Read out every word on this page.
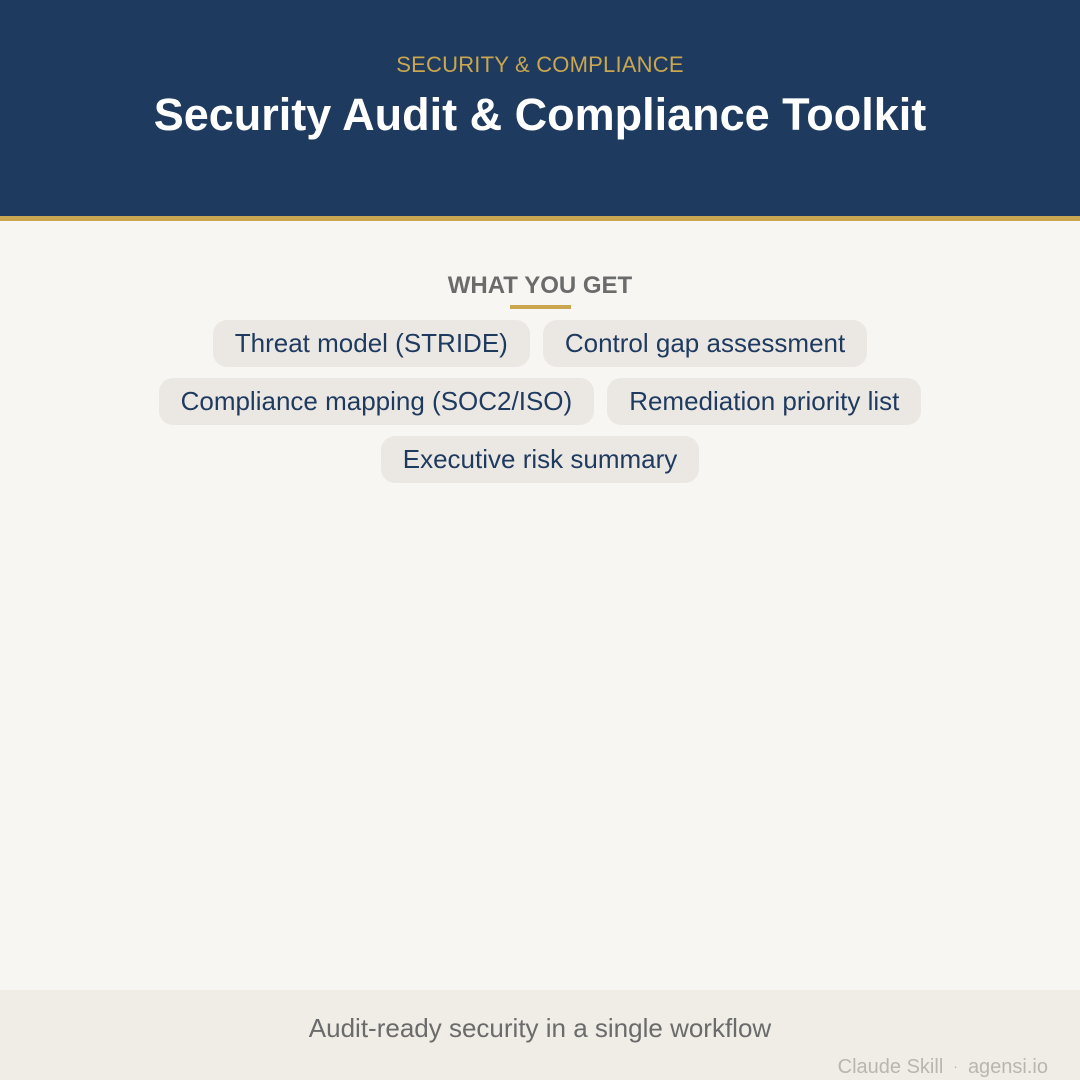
SECURITY & COMPLIANCE
Security Audit & Compliance Toolkit
WHAT YOU GET
Threat model (STRIDE)	Control gap assessment
Compliance mapping (SOC2/ISO)	Remediation priority list
Executive risk summary
Audit-ready security in a single workflow
Claude Skill · agensi.io
